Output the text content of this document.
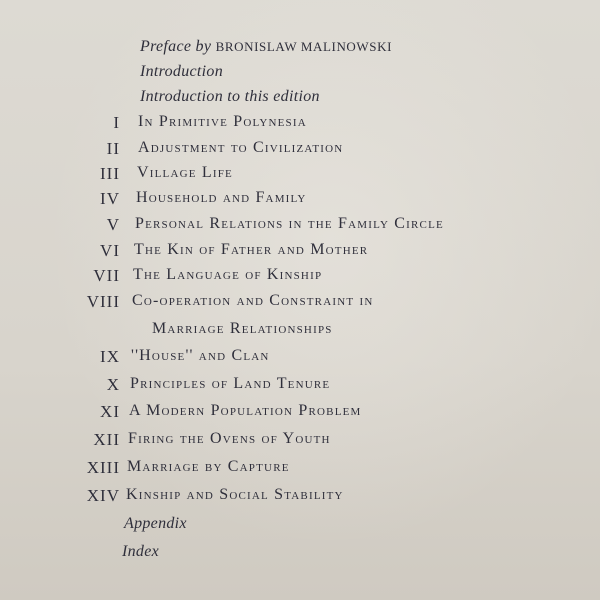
Preface by BRONISLAW MALINOWSKI
Introduction
Introduction to this edition
I In Primitive Polynesia
II Adjustment to Civilization
III Village Life
IV Household and Family
V Personal Relations in the Family Circle
VI The Kin of Father and Mother
VII The Language of Kinship
VIII Co-operation and Constraint in
Marriage Relationships
IX ''House'' and Clan
X Principles of Land Tenure
XI A Modern Population Problem
XII Firing the Ovens of Youth
XIII Marriage by Capture
XIV Kinship and Social Stability
Appendix
Index
